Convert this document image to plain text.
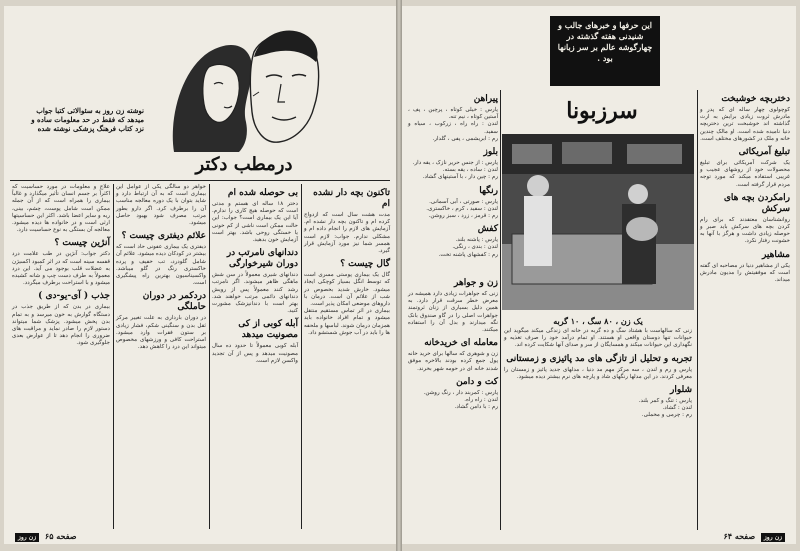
نوشته زن روز به سئوالاتی کتبا جواب میدهد که فقط در حد معلومات ساده و نزد کتاب فرهنگ پزشکی نوشته شده
درمطب دکتر
تاکنون بچه دار نشده ام
مدت هشت سال است که ازدواج کرده ام و تاکنون بچه دار نشده ام. آزمایش های لازم را انجام داده ام و مشکلی ندارم. جواب: لازم است همسر شما نیز مورد آزمایش قرار گیرد.
گال چیست ؟
گال یک بیماری پوستی مسری است که توسط انگل بسیار کوچکی ایجاد میشود. خارش شدید بخصوص در شب از علائم آن است. درمان با داروهای موضعی امکان پذیر است.
بیماری در اثر تماس مستقیم منتقل میشود و تمام افراد خانواده باید همزمان درمان شوند. لباسها و ملحفه ها را باید در آب جوش شستشو داد.
بی حوصله شده ام
دختر ۱۸ ساله ای هستم و مدتی است که حوصله هیچ کاری را ندارم. آیا این یک بیماری است؟ جواب: این حالت ممکن است ناشی از کم خونی یا خستگی روحی باشد. بهتر است آزمایش خون بدهید.
دندانهای نامرتب در دوران شیرخوارگی
دندانهای شیری معمولاً در سن شش ماهگی ظاهر میشوند. اگر نامرتب رشد کنند معمولاً پس از رویش دندانهای دائمی مرتب خواهند شد. بهتر است با دندانپزشک مشورت کنید.
آبله کوبی از کی مصونیت میدهد
آبله کوبی معمولاً تا حدود ده سال مصونیت میدهد و پس از آن تجدید واکسن لازم است.
خواهر دو سالگی یکی از عوامل این بیماری است که به آن ارتباط دارد و شاید بتوان با یک دوره معالجه مناسب آن را برطرف کرد. اگر دارو بطور مرتب مصرف شود بهبود حاصل میشود.
علائم دیفتری چیست ؟
دیفتری یک بیماری عفونی حاد است که بیشتر در کودکان دیده میشود. علائم آن شامل گلودرد، تب خفیف و پرده خاکستری رنگ در گلو میباشد. واکسیناسیون بهترین راه پیشگیری است.
دردکمر در دوران حاملگی
در دوران بارداری به علت تغییر مرکز ثقل بدن و سنگینی شکم، فشار زیادی بر ستون فقرات وارد میشود. استراحت کافی و ورزشهای مخصوص میتواند این درد را کاهش دهد.
علاج و معلومات در مورد حساسیت که اکثراً بر جسم انسان تأثیر میگذارد و غالباً بیماری را همراه است که از آن جمله ممکن است شامل پوست، چشم، بینی، ریه و سایر اعضا باشد. اکثر این حساسیتها ارثی است و در خانواده ها دیده میشود. معالجه آن بستگی به نوع حساسیت دارد.
آنژین چیست ؟
دکتر جواب: آنژین در طب علامت درد قفسه سینه است که در اثر کمبود اکسیژن به عضلات قلب بوجود می آید. این درد معمولاً به طرف دست چپ و شانه کشیده میشود و با استراحت برطرف میگردد.
جذب ( آی-یو-دی )
بیماری در بدن که از طریق جذب در دستگاه گوارش به خون میرسد و به تمام بدن پخش میشود. پزشک شما میتواند دستور لازم را صادر نماید و مراقبت های ضروری را انجام دهد تا از عوارض بعدی جلوگیری شود.
صفحه ۶۵ زن روز
این حرفها و خبرهای جالب و شنیدنی هفته گذشته در چهارگوشه عالم بر سر زبانها بود .
سرزبونا
یک زن ، ۸۰ سگ ، ۱۰ گربه
دختربچه خوشبخت
کوچولوی چهار ساله ای که پدر و مادرش ثروت زیادی برایش به ارث گذاشته اند خوشبخت ترین دختربچه دنیا نامیده شده است. او مالک چندین خانه و ملک در کشورهای مختلف است.
تبلیغ آمریکائی
یک شرکت آمریکائی برای تبلیغ محصولات خود از روشهای عجیب و غریبی استفاده میکند که مورد توجه مردم قرار گرفته است.
رامکردن بچه های سرکش
روانشناسان معتقدند که برای رام کردن بچه های سرکش باید صبر و حوصله زیادی داشت و هرگز با آنها به خشونت رفتار نکرد.
مشاهیر
یکی از مشاهیر دنیا در مصاحبه ای گفته است که موفقیتش را مدیون مادرش میداند.
پیراهن
پارس : خیلی کوتاه ، پرچین ، پف ، آستین کوتاه ، نیم تنه.
لندن : راه راه ، زرکوب ، سیاه و سفید.
رم : ابریشمی ، پفی ، گلدار.
بلوز
پارس : از جنس حریر نازک ، یقه دار.
لندن : ساده ، یقه بسته.
رم : چین دار ، با آستینهای گشاد.
رنگها
پارس : صورتی ، آبی آسمانی.
لندن : سفید ، کرم ، خاکستری.
رم : قرمز ، زرد ، سبز روشن.
کفش
پارس : پاشنه بلند.
لندن : بندی ، رنگی.
رم : کفشهای پاشنه تخت.
زن و جواهر
زنی که جواهرات زیادی دارد همیشه در معرض خطر سرقت قرار دارد. به همین دلیل بسیاری از زنان ثروتمند جواهرات اصلی را در گاو صندوق بانک نگه میدارند و بدل آن را استفاده میکنند.
معامله ای خریدخانه
زن و شوهری که سالها برای خرید خانه پول جمع کرده بودند بالاخره موفق شدند خانه ای در حومه شهر بخرند.
کت و دامن
پارس : کمربند دار ، رنگ روشن.
لندن : راه راه.
رم : با دامن گشاد.
زنی که سالهاست با هشتاد سگ و ده گربه در خانه ای زندگی میکند میگوید این حیوانات تنها دوستان واقعی او هستند. او تمام درآمد خود را صرف تغذیه و نگهداری این حیوانات میکند و همسایگان از سر و صدای آنها شکایت کرده اند.
تجربه و تحلیل از تازگی های مد پائیزی و زمستانی
پارس و رم و لندن ، سه مرکز مهم مد دنیا ، مدلهای جدید پائیز و زمستان را معرفی کردند. در این مدلها رنگهای شاد و پارچه های نرم بیشتر دیده میشود.
شلوار
پارس : تنگ و کمر بلند.
لندن : گشاد.
رم : چرمی و مخملی.
زن روز صفحه ۶۴
